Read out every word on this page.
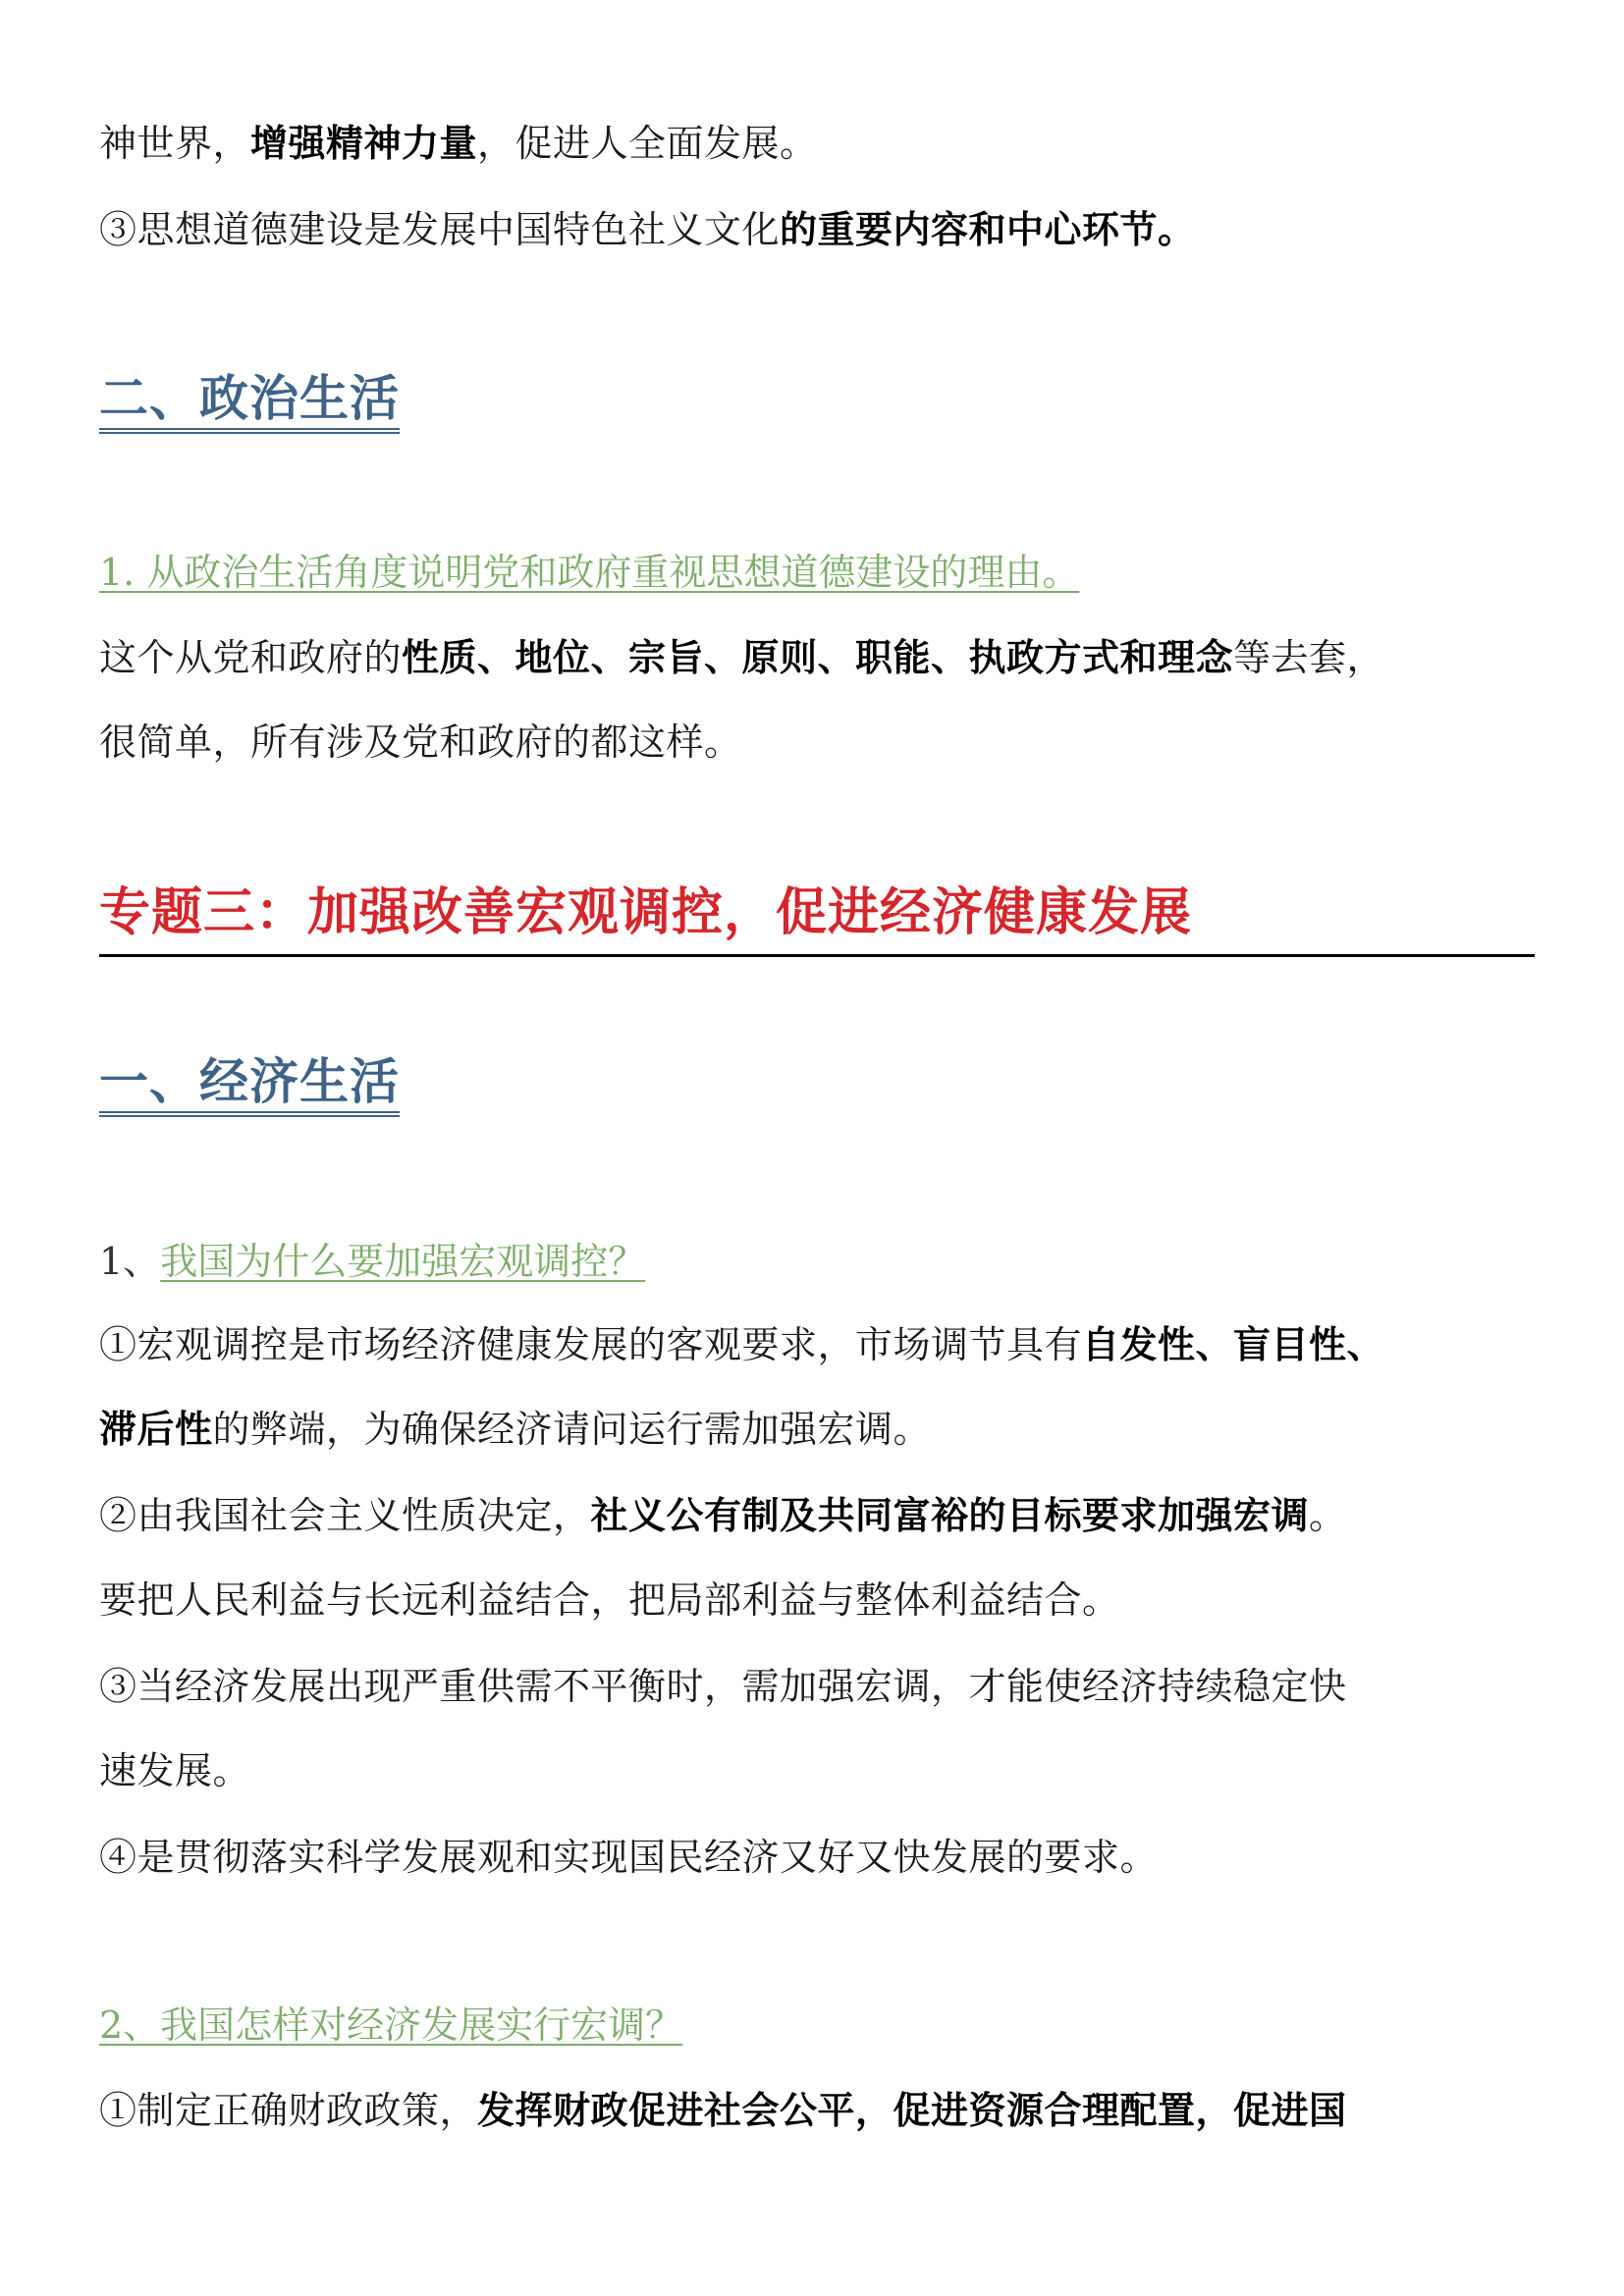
神世界，增强精神力量，促进人全面发展。
③思想道德建设是发展中国特色社义文化的重要内容和中心环节。
二、政治生活
1. 从政治生活角度说明党和政府重视思想道德建设的理由。
这个从党和政府的性质、地位、宗旨、原则、职能、执政方式和理念等去套，
很简单，所有涉及党和政府的都这样。
专题三：加强改善宏观调控，促进经济健康发展
一、经济生活
1、我国为什么要加强宏观调控？
①宏观调控是市场经济健康发展的客观要求，市场调节具有自发性、盲目性、
滞后性的弊端，为确保经济请问运行需加强宏调。
②由我国社会主义性质决定，社义公有制及共同富裕的目标要求加强宏调。
要把人民利益与长远利益结合，把局部利益与整体利益结合。
③当经济发展出现严重供需不平衡时，需加强宏调，才能使经济持续稳定快
速发展。
④是贯彻落实科学发展观和实现国民经济又好又快发展的要求。
2、我国怎样对经济发展实行宏调？
①制定正确财政政策，发挥财政促进社会公平，促进资源合理配置，促进国
